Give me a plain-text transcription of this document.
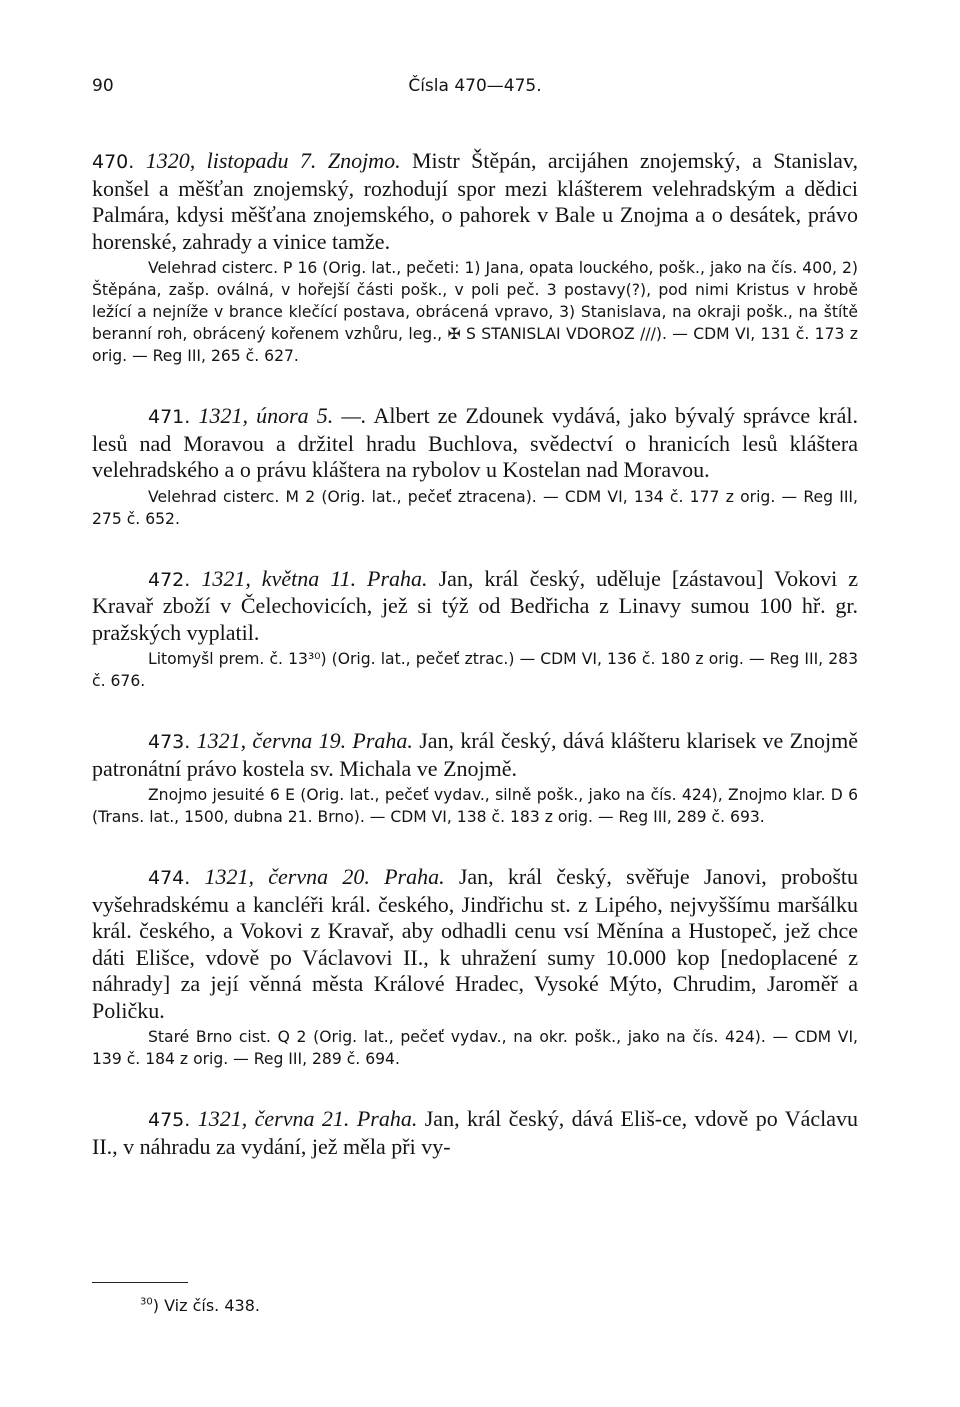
90	Čísla 470—475.

470. 1320, listopadu 7. Znojmo. Mistr Štěpán, arcijáhen znojemský, a Stanislav, konšel a měšťan znojemský, rozhodují spor mezi klášterem velehradským a dědici Palmára, kdysi měšťana znojemského, o pahorek v Bale u Znojma a o desátek, právo horenské, zahrady a vinice tamže.

Velehrad cisterc. P 16 (Orig. lat., pečeti: 1) Jana, opata louckého, pošk., jako na čís. 400, 2) Štěpána, zašp. oválná, v hořejší části pošk., v poli peč. 3 postavy(?), pod nimi Kristus v hrobě ležící a nejníže v brance klečící postava, obrácená vpravo, 3) Stanislava, na okraji pošk., na štítě beranní roh, obrácený kořenem vzhůru, leg., ✠ S STANISLAI VDOROZ ///). — CDM VI, 131 č. 173 z orig. — Reg III, 265 č. 627.

471. 1321, února 5. —. Albert ze Zdounek vydává, jako bývalý správce král. lesů nad Moravou a držitel hradu Buchlova, svědectví o hranicích lesů kláštera velehradského a o právu kláštera na rybolov u Kostelan nad Moravou.

Velehrad cisterc. M 2 (Orig. lat., pečeť ztracena). — CDM VI, 134 č. 177 z orig. — Reg III, 275 č. 652.

472. 1321, května 11. Praha. Jan, král český, uděluje [zástavou] Vokovi z Kravař zboží v Čelechovicích, jež si týž od Bedřicha z Linavy sumou 100 hř. gr. pražských vyplatil.

Litomyšl prem. č. 13³⁰) (Orig. lat., pečeť ztrac.) — CDM VI, 136 č. 180 z orig. — Reg III, 283 č. 676.

473. 1321, června 19. Praha. Jan, král český, dává klášteru klarisek ve Znojmě patronátní právo kostela sv. Michala ve Znojmě.

Znojmo jesuité 6 E (Orig. lat., pečeť vydav., silně pošk., jako na čís. 424), Znojmo klar. D 6 (Trans. lat., 1500, dubna 21. Brno). — CDM VI, 138 č. 183 z orig. — Reg III, 289 č. 693.

474. 1321, června 20. Praha. Jan, král český, svěřuje Janovi, proboštu vyšehradskému a kancléři král. českého, Jindřichu st. z Lipého, nejvyššímu maršálku král. českého, a Vokovi z Kravař, aby odhadli cenu vsí Měnína a Hustopeč, jež chce dáti Elišce, vdově po Václavovi II., k uhražení sumy 10.000 kop [nedoplacené z náhrady] za její věnná města Králové Hradec, Vysoké Mýto, Chrudim, Jaroměř a Poličku.

Staré Brno cist. Q 2 (Orig. lat., pečeť vydav., na okr. pošk., jako na čís. 424). — CDM VI, 139 č. 184 z orig. — Reg III, 289 č. 694.

475. 1321, června 21. Praha. Jan, král český, dává Eliš-ce, vdově po Václavu II., v náhradu za vydání, jež měla při vy-

$^{30}$) Viz čís. 438.
